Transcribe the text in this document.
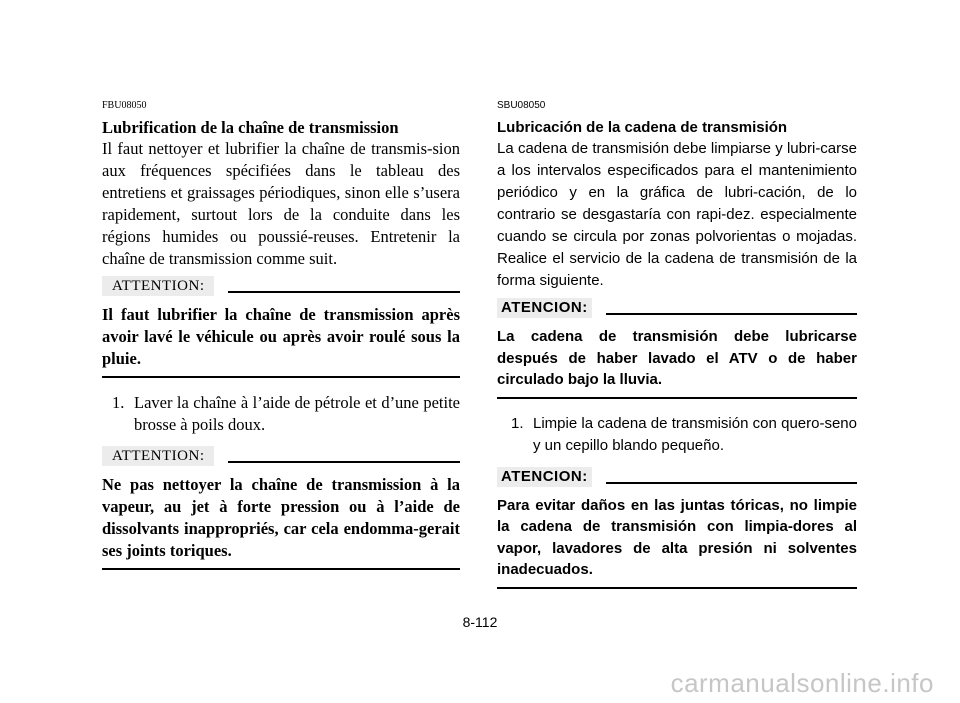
FBU08050
Lubrification de la chaîne de transmission
Il faut nettoyer et lubrifier la chaîne de transmis-sion aux fréquences spécifiées dans le tableau des entretiens et graissages périodiques, sinon elle s’usera rapidement, surtout lors de la conduite dans les régions humides ou poussié-reuses. Entretenir la chaîne de transmission comme suit.
ATTENTION:
Il faut lubrifier la chaîne de transmission après avoir lavé le véhicule ou après avoir roulé sous la pluie.
1. Laver la chaîne à l’aide de pétrole et d’une petite brosse à poils doux.
ATTENTION:
Ne pas nettoyer la chaîne de transmission à la vapeur, au jet à forte pression ou à l’aide de dissolvants inappropriés, car cela endomma-gerait ses joints toriques.
SBU08050
Lubricación de la cadena de transmisión
La cadena de transmisión debe limpiarse y lubri-carse a los intervalos especificados para el mantenimiento periódico y en la gráfica de lubri-cación, de lo contrario se desgastaría con rapi-dez. especialmente cuando se circula por zonas polvorientas o mojadas. Realice el servicio de la cadena de transmisión de la forma siguiente.
ATENCION:
La cadena de transmisión debe lubricarse después de haber lavado el ATV o de haber circulado bajo la lluvia.
1. Limpie la cadena de transmisión con quero-seno y un cepillo blando pequeño.
ATENCION:
Para evitar daños en las juntas tóricas, no limpie la cadena de transmisión con limpia-dores al vapor, lavadores de alta presión ni solventes inadecuados.
8-112
carmanualsonline.info
